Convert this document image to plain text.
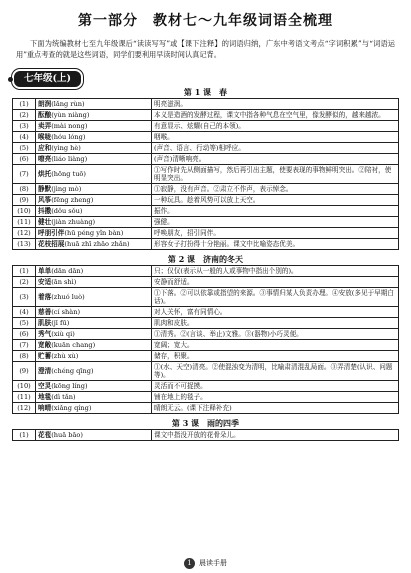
第一部分　教材七～九年级词语全梳理
下面为统编教材七至九年级课后“读读写写”或【课下注释】的词语归纳，广东中考语文考点“字词积累”与“词语运用”重点考查的就是这些词语，同学们要利用早读时间认真记背。
七年级(上)
第 1 课　春
(1)	朗润(lǎng rùn)	明亮滋润。
(2)	酝酿(yùn niàng)	本义是造酒的发酵过程，课文中指各种气息在空气里，像发酵似的，越来越浓。
(3)	卖弄(mài nong)	有意显示、炫耀(自己的本领)。
(4)	喉咙(hóu lóng)	咽喉。
(5)	应和(yìng hè)	(声音、语言、行动等)相呼应。
(6)	嘹亮(liáo liàng)	(声音)清晰响亮。
(7)	烘托(hōng tuō)	①写作时先从侧面描写，然后再引出主题，使要表现的事物鲜明突出。②陪衬，使明显突出。
(8)	静默(jìng mò)	①寂静，没有声音。②肃立不作声，表示悼念。
(9)	风筝(fēng zheng)	一种玩具。趁着风势可以放上天空。
(10)	抖擞(dǒu sǒu)	振作。
(11)	健壮(jiàn zhuàng)	强健。
(12)	呼朋引伴(hū péng yǐn bàn)	呼唤朋友，招引同伴。
(13)	花枝招展(huā zhī zhāo zhǎn)	形容女子打扮得十分艳丽。课文中比喻姿态优美。
第 2 课　济南的冬天
(1)	单单(dān dān)	只；仅仅(表示从一般的人或事物中指出个别的)。
(2)	安适(ān shì)	安静而舒适。
(3)	着落(zhuó luò)	①下落。②可以依靠或指望的来源。③事情归某人负责办理。④安放(多见于早期白话)。
(4)	慈善(cí shàn)	对人关怀，富有同情心。
(5)	肌肤(jī fū)	肌肉和皮肤。
(6)	秀气(xiù qi)	①清秀。②(言谈、举止)文雅。③(器物)小巧灵便。
(7)	宽敞(kuān chang)	宽阔；宽大。
(8)	贮蓄(zhù xù)	储存，积聚。
(9)	澄清(chéng qīng)	①(水、天空)清亮。②使混浊变为清明，比喻肃清混乱局面。③弄清楚(认识、问题等)。
(10)	空灵(kōng líng)	灵活而不可捉摸。
(11)	地毯(dì tǎn)	铺在地上的毯子。
(12)	响晴(xiǎng qíng)	晴朗无云。(课下注释补充)
第 3 课　雨的四季
(1)	花苞(huā bāo)	课文中指没开放的花骨朵儿。
1 晨读手册
